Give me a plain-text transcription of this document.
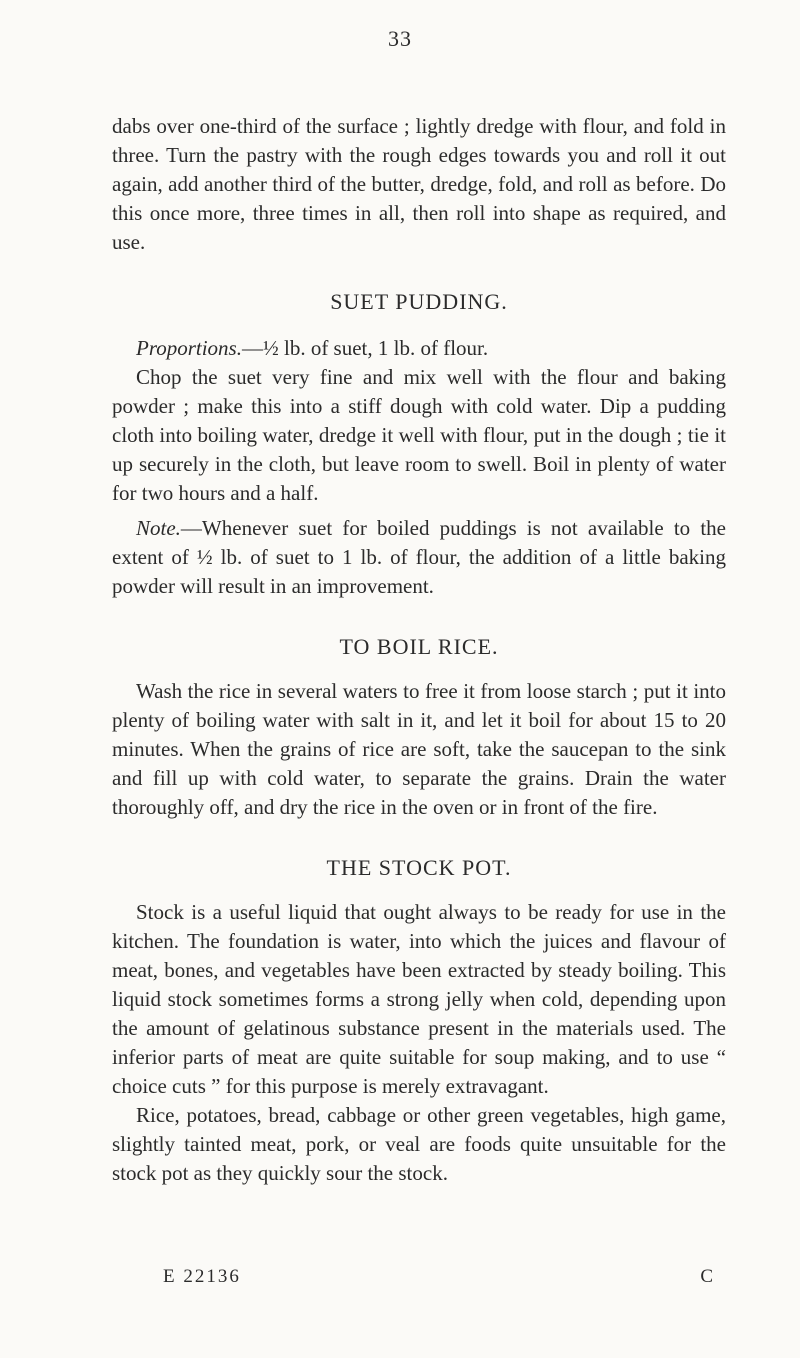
33

dabs over one-third of the surface ; lightly dredge with flour, and fold in three. Turn the pastry with the rough edges towards you and roll it out again, add another third of the butter, dredge, fold, and roll as before. Do this once more, three times in all, then roll into shape as required, and use.

SUET PUDDING.

Proportions.—½ lb. of suet, 1 lb. of flour.

Chop the suet very fine and mix well with the flour and baking powder ; make this into a stiff dough with cold water. Dip a pudding cloth into boiling water, dredge it well with flour, put in the dough ; tie it up securely in the cloth, but leave room to swell. Boil in plenty of water for two hours and a half.

Note.—Whenever suet for boiled puddings is not available to the extent of ½ lb. of suet to 1 lb. of flour, the addition of a little baking powder will result in an improvement.

TO BOIL RICE.

Wash the rice in several waters to free it from loose starch ; put it into plenty of boiling water with salt in it, and let it boil for about 15 to 20 minutes. When the grains of rice are soft, take the saucepan to the sink and fill up with cold water, to separate the grains. Drain the water thoroughly off, and dry the rice in the oven or in front of the fire.

THE STOCK POT.

Stock is a useful liquid that ought always to be ready for use in the kitchen. The foundation is water, into which the juices and flavour of meat, bones, and vegetables have been extracted by steady boiling. This liquid stock sometimes forms a strong jelly when cold, depending upon the amount of gelatinous substance present in the materials used. The inferior parts of meat are quite suitable for soup making, and to use “ choice cuts ” for this purpose is merely extravagant.

Rice, potatoes, bread, cabbage or other green vegetables, high game, slightly tainted meat, pork, or veal are foods quite unsuitable for the stock pot as they quickly sour the stock.

E 22136	C
